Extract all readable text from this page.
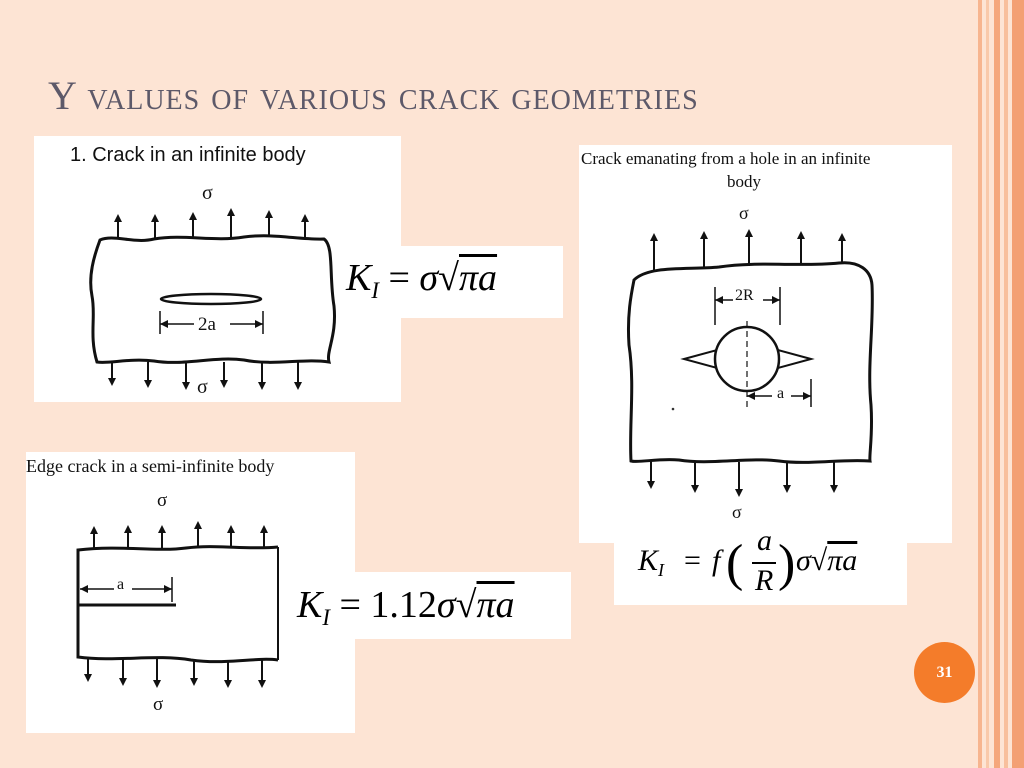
Y values of various crack geometries
1. Crack in an infinite body
σ
σ
2a
$K_I = \sigma√\pi a$
Crack emanating from a hole in an infinite
body
σ
σ
2R
a
$K_I = f$ ( a
R ) σ√πa
Edge crack in a semi-infinite body
σ
σ
a	$K_I = 1.12\sigma√\pi a$
31
